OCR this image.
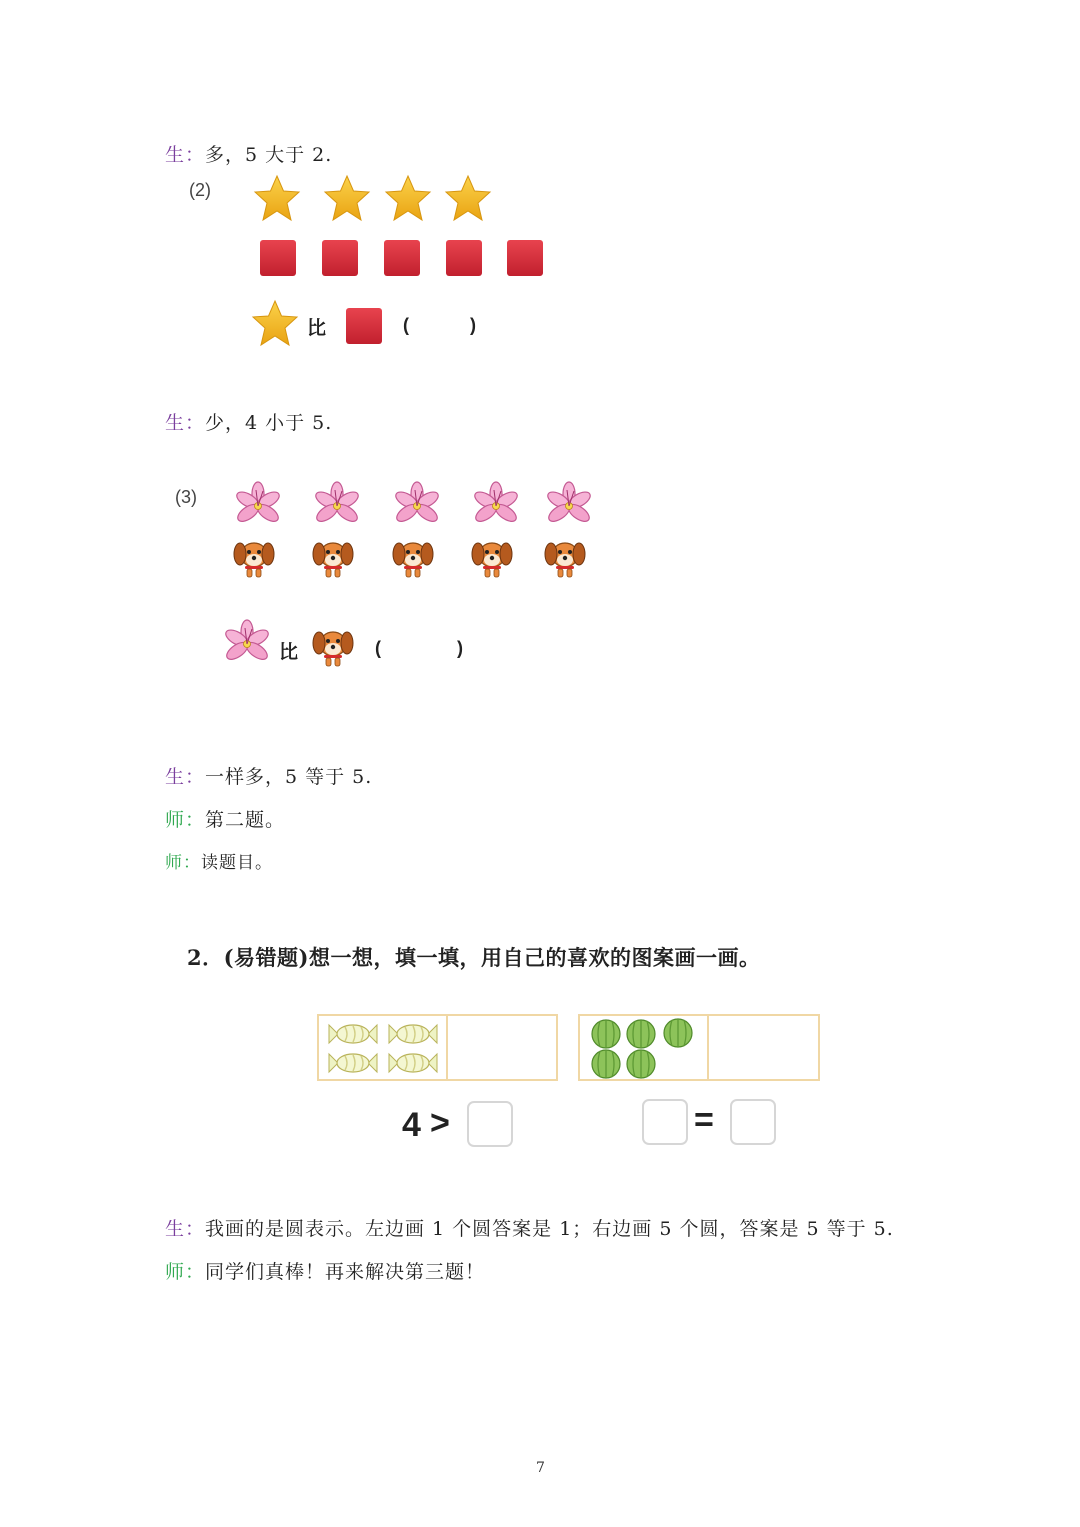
生：多，5 大于 2.
(2)
比	(	)
生：少，4 小于 5.
(3)
比	(	)
生：一样多，5 等于 5.
师：第二题。
师：读题目。
2．(易错题)想一想，填一填，用自己的喜欢的图案画一画。
4 >	=
生：我画的是圆表示。左边画 1 个圆答案是 1；右边画 5 个圆，答案是 5 等于 5.
师：同学们真棒！再来解决第三题！
7
